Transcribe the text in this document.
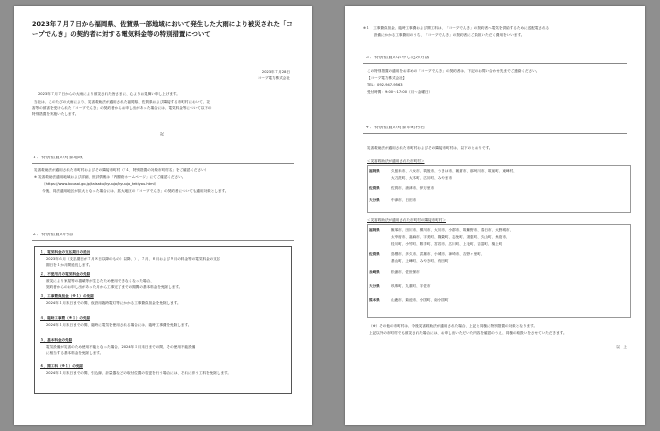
2023年７月７日から福岡県、佐賀県一部地域において発生した大雨により被災された「コープでんき」の契約者に対する電気料金等の特別措置について
2023年７月28日
コープ電力株式会社
2023年７月７日からの大雨により被災された皆さまに、心よりお見舞い申し上げます。
当社は、このたびの大雨により、災害救助法が適用された福岡県、佐賀県および隣接する市町村において、災
害等の被害を受けられた「コープでんき」の契約者からお申し出があった場合には、電気料金等について以下の
特別措置を実施いたします。
記
１．特別措置の対象地域
災害救助法が適用された市町村およびその隣接市町村（「４．特別措置の対象市町村名」をご確認ください）
※ 災害救助法適用地域および詳細、世評情報は「内閣府ホームページ」にてご確認ください。
（https://www.bousai.go.jp/taisaku/kyuujo/kyuujo_tekiyou.html）
今後、同法適用地区が拡大となった場合には、拡大地区の「コープでんき」の契約者についても適用対象とします。
２．特別措置の内容
１．電気料金の支払期日の延長
2023年６月（支払期日が７月８日以降のもの）以降、）、７月、８月および９月の料金等の電気料金の支払
期日を１か月間延長します。
２．不使用月の電気料金の免除
被災により家屋等の損壊等が生じたため使用できなくなった場合、
契約者からのお申し出があった月から工事完了までの期間の基本料金を免除します。
３．工事費負担金（※１）の免除
2024年１月末日までの間、仮設用臨時電灯等にかかる工事費負担金を免除します。
４．臨時工事費（※１）の免除
2024年１月末日までの間、臨時に電気を使用される場合には、臨時工事費を免除します。
５．基本料金の免除
電気設備が災害のため使用不能となった場合、2024年１月末日までの間、その使用不能設備
に相当する基本料金を免除します。
６．開工料（※１）の免除
2024年１月末日までの間、引込線、計量器などの取付位置の変更を行う場合には、それに伴う工料を免除します。
※１　工事費負担金、臨時工事費および開工料は、「コープでんき」の契約者へ電気を供給するために送配電される
　　　設備にかかる工事費用のうち、「コープでんき」の契約者にご負担いただく費用をいいます。
３．特別措置のお申し込み方法
この特別措置の適用をお求めの「コープでんき」の契約者は、下記のお問い合わせ先までご連絡ください。
【コープ電力株式会社】
TEL：092-947-9563
受付時間：9:00～17:00（月～金曜日）
４．特別措置の対象市町村名
災害救助法が適用された市町村およびその隣接市町村は、以下のとおりです。
＜災害救助法が適用された市町村＞
福岡県	久留米市、八女市、筑後市、うきは市、朝倉市、那珂川市、筑前町、東峰村、
大刀洗町、大木町、広川町、みやま市
佐賀県	佐賀市、唐津市、伊万里市
大分県	中津市、日田市
＜災害救助法が適用された市町村の隣接市町村＞
福岡県	飯塚市、田川市、柳川市、大川市、小郡市、筑紫野市、春日市、大野城市、
太宰府市、嘉麻市、宇美町、篠栗町、志免町、須恵町、久山町、糸島市、
桂川町、小竹町、鞍手町、宮若市、広川町、上毛町、吉富町、築上町
佐賀県	鳥栖市、多久市、武雄市、小城市、神埼市、吉野ヶ里町、
基山町、上峰町、みやき町、有田町
長崎県	松浦市、佐世保市
大分県	玖珠町、九重町、宇佐市
熊本県	山鹿市、菊池市、小国町、南小国町
（※）その他の市町村は、今後災害救助法が適用された場合、上記と同様に特別措置の対象となります。
上記以外の市町村でも被災された場合には、お申し出いただいた内容を確認のうえ、同様の取扱いをさせていただきます。
以　上
